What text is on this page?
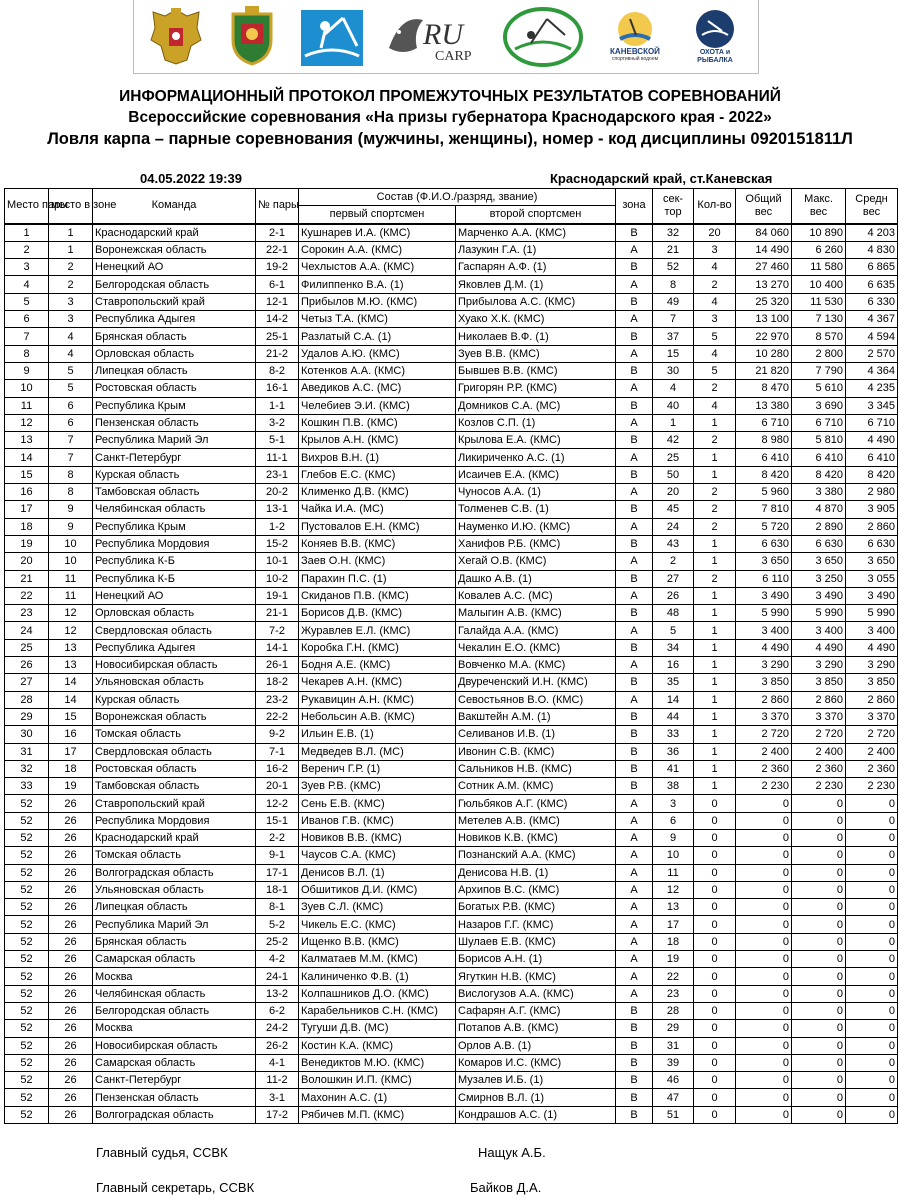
RU
CARP	КАНЕВСКОЙ
спортивный водоем
ОХОТА и РЫБАЛКА
ИНФОРМАЦИОННЫЙ ПРОТОКОЛ ПРОМЕЖУТОЧНЫХ РЕЗУЛЬТАТОВ СОРЕВНОВАНИЙ
Всероссийские соревнования «На призы губернатора Краснодарского края - 2022»
Ловля карпа – парные соревнования (мужчины, женщины), номер - код дисциплины 0920151811Л
04.05.2022 19:39	Краснодарский край, ст.Каневская
Место пары	место в зоне	Команда	№ пары	Состав (Ф.И.О./разряд, звание)		зона	сек-тор	Кол-во	Общий вес	Макс. вес	Средн вес
				первый спортсмен	второй спортсмен						
1	1	Краснодарский край	2-1	Кушнарев И.А. (КМС)	Марченко А.А. (КМС)	B	32	20	84 060	10 890	4 203
2	1	Воронежская область	22-1	Сорокин А.А. (КМС)	Лазукин Г.А. (1)	A	21	3	14 490	6 260	4 830
3	2	Ненецкий АО	19-2	Чехлыстов А.А. (КМС)	Гаспарян А.Ф. (1)	B	52	4	27 460	11 580	6 865
4	2	Белгородская область	6-1	Филиппенко В.А. (1)	Яковлев Д.М. (1)	A	8	2	13 270	10 400	6 635
5	3	Ставропольский край	12-1	Прибылов М.Ю. (КМС)	Прибылова А.С. (КМС)	B	49	4	25 320	11 530	6 330
6	3	Республика Адыгея	14-2	Четыз Т.А. (КМС)	Хуако Х.К. (КМС)	A	7	3	13 100	7 130	4 367
7	4	Брянская область	25-1	Разлатый С.А. (1)	Николаев В.Ф. (1)	B	37	5	22 970	8 570	4 594
8	4	Орловская область	21-2	Удалов А.Ю. (КМС)	Зуев В.В. (КМС)	A	15	4	10 280	2 800	2 570
9	5	Липецкая область	8-2	Котенков А.А. (КМС)	Бывшев В.В. (КМС)	B	30	5	21 820	7 790	4 364
10	5	Ростовская область	16-1	Аведиков А.С. (МС)	Григорян Р.Р. (КМС)	A	4	2	8 470	5 610	4 235
11	6	Республика Крым	1-1	Челебиев Э.И. (КМС)	Домников С.А. (МС)	B	40	4	13 380	3 690	3 345
12	6	Пензенская область	3-2	Кошкин П.В. (КМС)	Козлов С.П. (1)	A	1	1	6 710	6 710	6 710
13	7	Республика Марий Эл	5-1	Крылов А.Н. (КМС)	Крылова Е.А. (КМС)	B	42	2	8 980	5 810	4 490
14	7	Санкт-Петербург	11-1	Вихров В.Н. (1)	Ликириченко А.С. (1)	A	25	1	6 410	6 410	6 410
15	8	Курская область	23-1	Глебов Е.С. (КМС)	Исаичев Е.А. (КМС)	B	50	1	8 420	8 420	8 420
16	8	Тамбовская область	20-2	Клименко Д.В. (КМС)	Чуносов А.А. (1)	A	20	2	5 960	3 380	2 980
17	9	Челябинская область	13-1	Чайка И.А. (МС)	Толменев С.В. (1)	B	45	2	7 810	4 870	3 905
18	9	Республика Крым	1-2	Пустовалов Е.Н. (КМС)	Науменко И.Ю. (КМС)	A	24	2	5 720	2 890	2 860
19	10	Республика Мордовия	15-2	Коняев В.В. (КМС)	Ханифов Р.Б. (КМС)	B	43	1	6 630	6 630	6 630
20	10	Республика К-Б	10-1	Заев О.Н. (КМС)	Хегай О.В. (КМС)	A	2	1	3 650	3 650	3 650
21	11	Республика К-Б	10-2	Парахин П.С. (1)	Дашко А.В. (1)	B	27	2	6 110	3 250	3 055
22	11	Ненецкий АО	19-1	Скиданов П.В. (КМС)	Ковалев А.С. (МС)	A	26	1	3 490	3 490	3 490
23	12	Орловская область	21-1	Борисов Д.В. (КМС)	Малыгин А.В. (КМС)	B	48	1	5 990	5 990	5 990
24	12	Свердловская область	7-2	Журавлев Е.Л. (КМС)	Галайда А.А. (КМС)	A	5	1	3 400	3 400	3 400
25	13	Республика Адыгея	14-1	Коробка Г.Н. (КМС)	Чекалин Е.О. (КМС)	B	34	1	4 490	4 490	4 490
26	13	Новосибирская область	26-1	Бодня А.Е. (КМС)	Вовченко М.А. (КМС)	A	16	1	3 290	3 290	3 290
27	14	Ульяновская область	18-2	Чекарев А.Н. (КМС)	Двуреченский И.Н. (КМС)	B	35	1	3 850	3 850	3 850
28	14	Курская область	23-2	Рукавицин А.Н. (КМС)	Севостьянов В.О. (КМС)	A	14	1	2 860	2 860	2 860
29	15	Воронежская область	22-2	Небольсин А.В. (КМС)	Вакштейн А.М. (1)	B	44	1	3 370	3 370	3 370
30	16	Томская область	9-2	Ильин Е.В. (1)	Селиванов И.В. (1)	B	33	1	2 720	2 720	2 720
31	17	Свердловская область	7-1	Медведев В.Л. (МС)	Ивонин С.В. (КМС)	B	36	1	2 400	2 400	2 400
32	18	Ростовская область	16-2	Веренич Г.Р. (1)	Сальников Н.В. (КМС)	B	41	1	2 360	2 360	2 360
33	19	Тамбовская область	20-1	Зуев Р.В. (КМС)	Сотник А.М. (КМС)	B	38	1	2 230	2 230	2 230
52	26	Ставропольский край	12-2	Сень Е.В. (КМС)	Гюльбяков А.Г. (КМС)	A	3	0	0	0	0
52	26	Республика Мордовия	15-1	Иванов Г.В. (КМС)	Метелев А.В. (КМС)	A	6	0	0	0	0
52	26	Краснодарский край	2-2	Новиков В.В. (КМС)	Новиков К.В. (КМС)	A	9	0	0	0	0
52	26	Томская область	9-1	Чаусов С.А. (КМС)	Познанский А.А. (КМС)	A	10	0	0	0	0
52	26	Волгоградская область	17-1	Денисов В.Л. (1)	Денисова Н.В. (1)	A	11	0	0	0	0
52	26	Ульяновская область	18-1	Обшитиков Д.И. (КМС)	Архипов В.С. (КМС)	A	12	0	0	0	0
52	26	Липецкая область	8-1	Зуев С.Л. (КМС)	Богатых Р.В. (КМС)	A	13	0	0	0	0
52	26	Республика Марий Эл	5-2	Чикель Е.С. (КМС)	Назаров Г.Г. (КМС)	A	17	0	0	0	0
52	26	Брянская область	25-2	Ищенко В.В. (КМС)	Шулаев Е.В. (КМС)	A	18	0	0	0	0
52	26	Самарская область	4-2	Калматаев М.М. (КМС)	Борисов А.Н. (1)	A	19	0	0	0	0
52	26	Москва	24-1	Калиниченко Ф.В. (1)	Ягуткин Н.В. (КМС)	A	22	0	0	0	0
52	26	Челябинская область	13-2	Колпашников Д.О. (КМС)	Вислогузов А.А. (КМС)	A	23	0	0	0	0
52	26	Белгородская область	6-2	Карабельников С.Н. (КМС)	Сафарян А.Г. (КМС)	B	28	0	0	0	0
52	26	Москва	24-2	Тугуши Д.В. (МС)	Потапов А.В. (КМС)	B	29	0	0	0	0
52	26	Новосибирская область	26-2	Костин К.А. (КМС)	Орлов А.В. (1)	B	31	0	0	0	0
52	26	Самарская область	4-1	Венедиктов М.Ю. (КМС)	Комаров И.С. (КМС)	B	39	0	0	0	0
52	26	Санкт-Петербург	11-2	Волошкин И.П. (КМС)	Музалев И.Б. (1)	B	46	0	0	0	0
52	26	Пензенская область	3-1	Махонин А.С. (1)	Смирнов В.Л. (1)	B	47	0	0	0	0
52	26	Волгоградская область	17-2	Рябичев М.П. (КМС)	Кондрашов А.С. (1)	B	51	0	0	0	0
Главный судья, ССВК	Нащук А.Б.
Главный секретарь, ССВК	Байков Д.А.
